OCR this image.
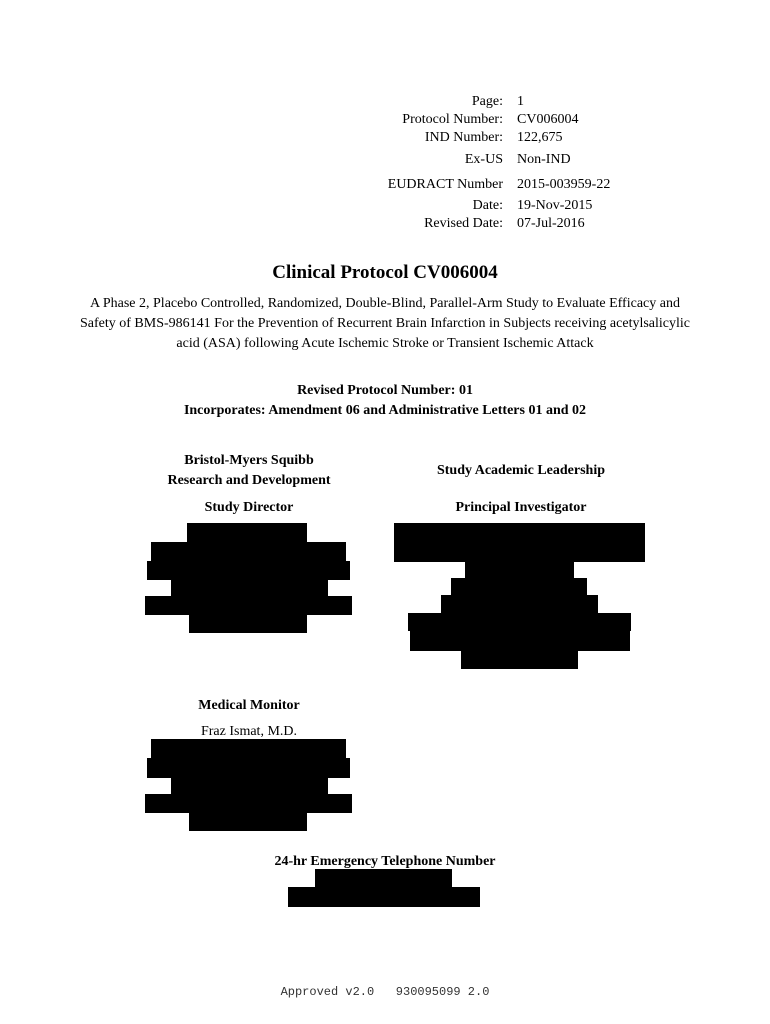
Page: 1
Protocol Number: CV006004
IND Number: 122,675
Ex-US Non-IND
EUDRACT Number 2015-003959-22
Date: 19-Nov-2015
Revised Date: 07-Jul-2016
Clinical Protocol CV006004
A Phase 2, Placebo Controlled, Randomized, Double-Blind, Parallel-Arm Study to Evaluate Efficacy and Safety of BMS-986141 For the Prevention of Recurrent Brain Infarction in Subjects receiving acetylsalicylic acid (ASA) following Acute Ischemic Stroke or Transient Ischemic Attack
Revised Protocol Number: 01
Incorporates: Amendment 06 and Administrative Letters 01 and 02
Bristol-Myers Squibb
Research and Development
Study Director
Study Academic Leadership
Principal Investigator
Medical Monitor
Fraz Ismat, M.D.
24-hr Emergency Telephone Number
Approved v2.0   930095099 2.0
